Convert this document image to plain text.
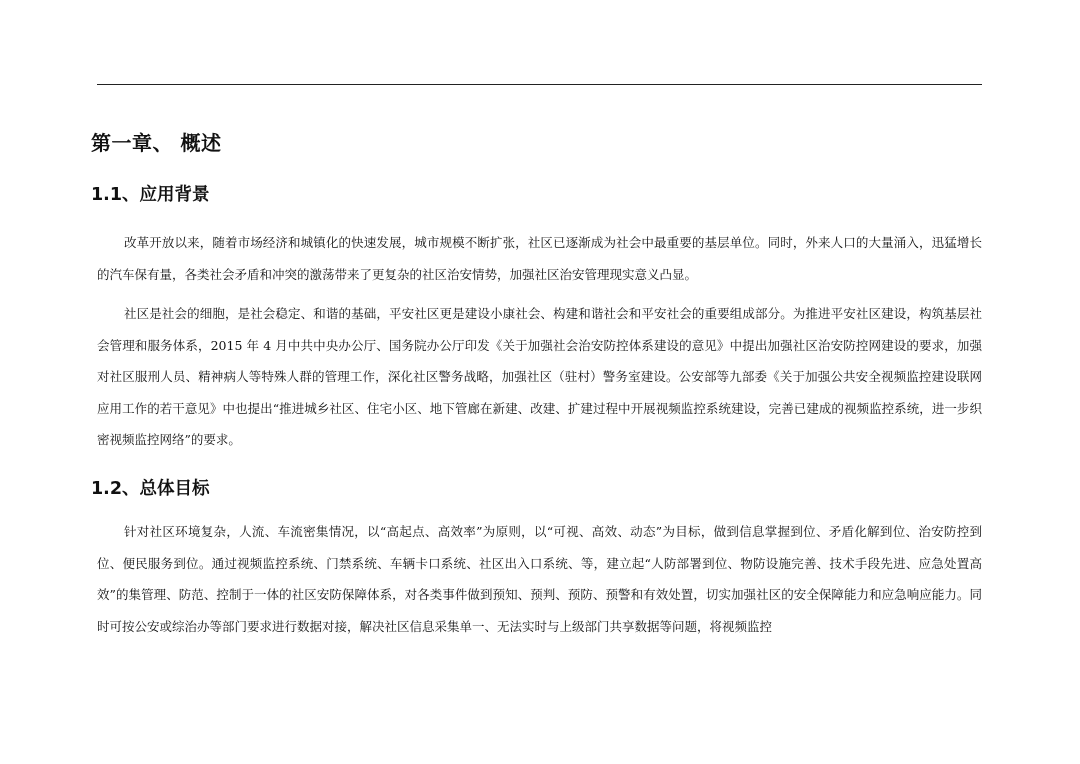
第一章、 概述
1.1、应用背景

改革开放以来，随着市场经济和城镇化的快速发展，城市规模不断扩张，社区已逐渐成为社会中最重要的基层单位。同时，外来人口的大量涌入，迅猛增长的汽车保有量，各类社会矛盾和冲突的激荡带来了更复杂的社区治安情势，加强社区治安管理现实意义凸显。

社区是社会的细胞，是社会稳定、和谐的基础，平安社区更是建设小康社会、构建和谐社会和平安社会的重要组成部分。为推进平安社区建设，构筑基层社会管理和服务体系，2015 年 4 月中共中央办公厅、国务院办公厅印发《关于加强社会治安防控体系建设的意见》中提出加强社区治安防控网建设的要求，加强对社区服刑人员、精神病人等特殊人群的管理工作，深化社区警务战略，加强社区（驻村）警务室建设。公安部等九部委《关于加强公共安全视频监控建设联网应用工作的若干意见》中也提出“推进城乡社区、住宅小区、地下管廊在新建、改建、扩建过程中开展视频监控系统建设，完善已建成的视频监控系统，进一步织密视频监控网络”的要求。

1.2、总体目标

针对社区环境复杂，人流、车流密集情况，以“高起点、高效率”为原则，以“可视、高效、动态”为目标，做到信息掌握到位、矛盾化解到位、治安防控到位、便民服务到位。通过视频监控系统、门禁系统、车辆卡口系统、社区出入口系统、等，建立起“人防部署到位、物防设施完善、技术手段先进、应急处置高效”的集管理、防范、控制于一体的社区安防保障体系，对各类事件做到预知、预判、预防、预警和有效处置，切实加强社区的安全保障能力和应急响应能力。同时可按公安或综治办等部门要求进行数据对接，解决社区信息采集单一、无法实时与上级部门共享数据等问题，将视频监控
